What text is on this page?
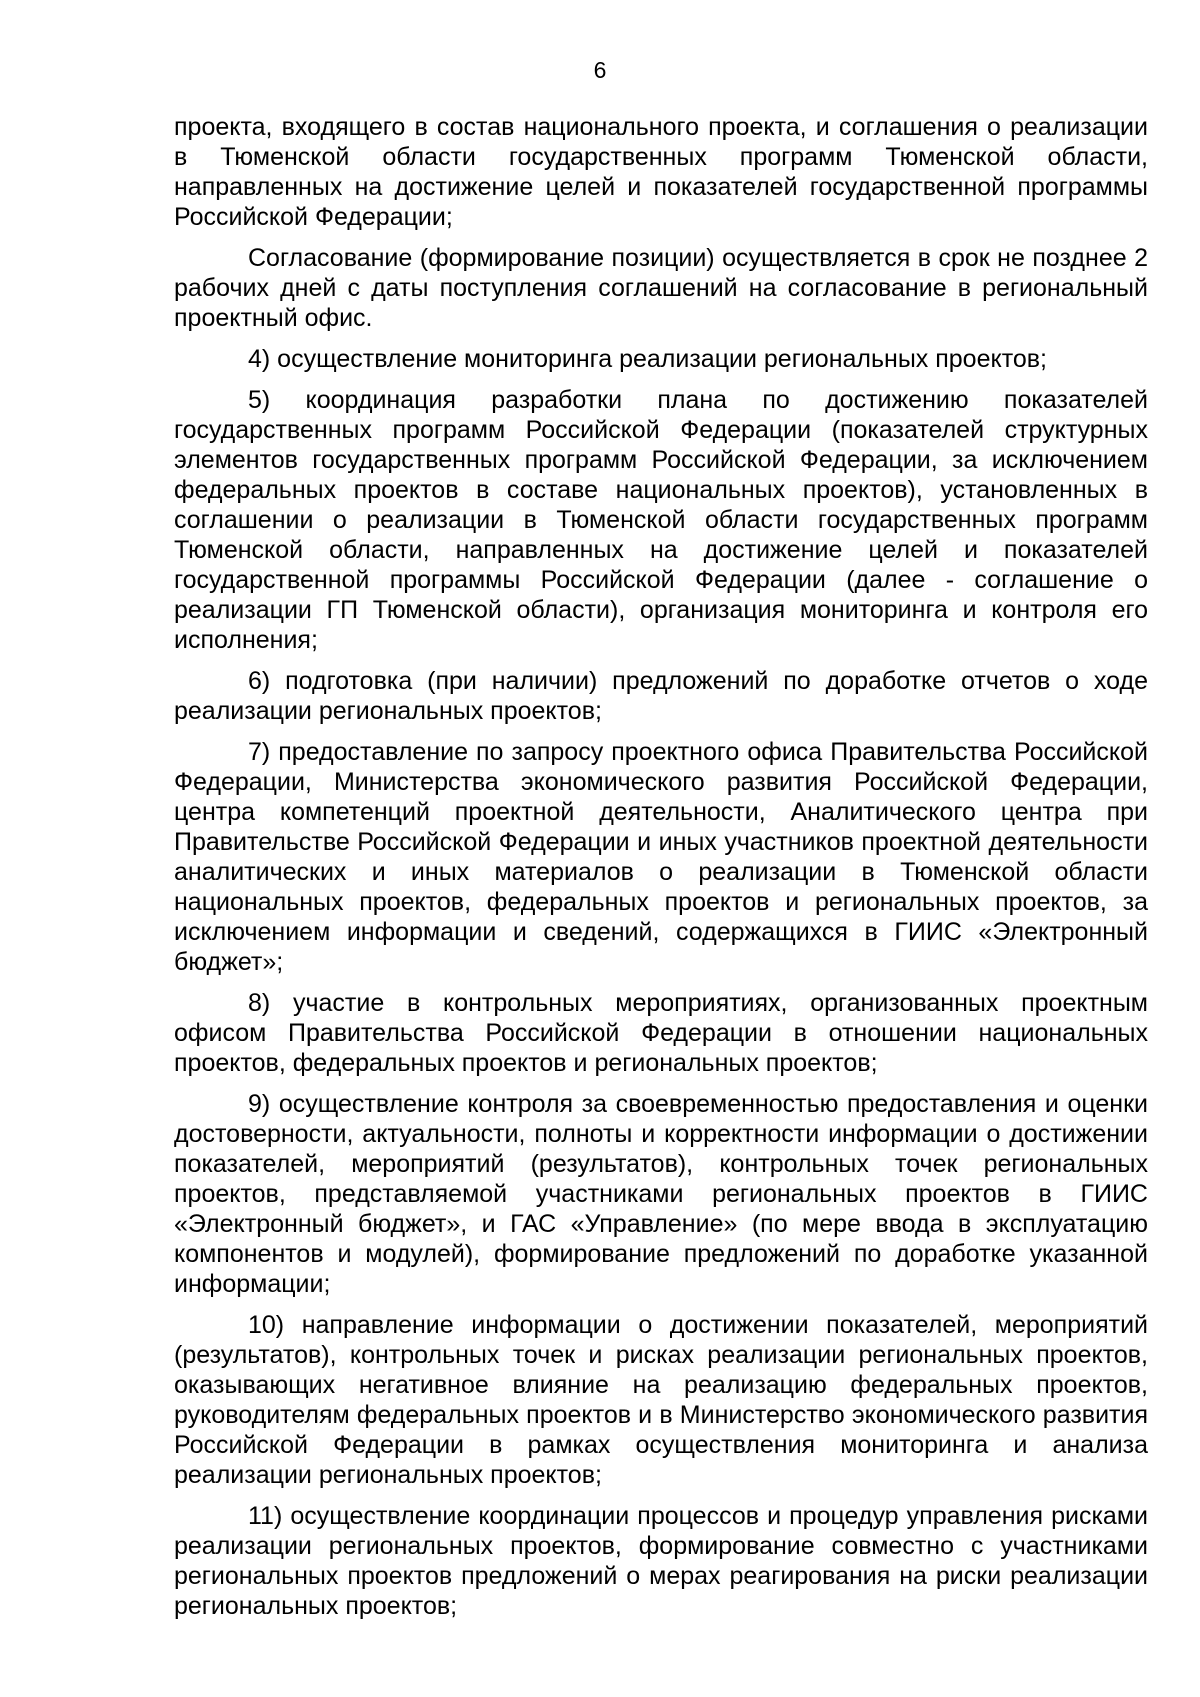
6

проекта, входящего в состав национального проекта, и соглашения о реализации в Тюменской области государственных программ Тюменской области, направленных на достижение целей и показателей государственной программы Российской Федерации;

Согласование (формирование позиции) осуществляется в срок не позднее 2 рабочих дней с даты поступления соглашений на согласование в региональный проектный офис.

4) осуществление мониторинга реализации региональных проектов;

5) координация разработки плана по достижению показателей государственных программ Российской Федерации (показателей структурных элементов государственных программ Российской Федерации, за исключением федеральных проектов в составе национальных проектов), установленных в соглашении о реализации в Тюменской области государственных программ Тюменской области, направленных на достижение целей и показателей государственной программы Российской Федерации (далее - соглашение о реализации ГП Тюменской области), организация мониторинга и контроля его исполнения;

6) подготовка (при наличии) предложений по доработке отчетов о ходе реализации региональных проектов;

7) предоставление по запросу проектного офиса Правительства Российской Федерации, Министерства экономического развития Российской Федерации, центра компетенций проектной деятельности, Аналитического центра при Правительстве Российской Федерации и иных участников проектной деятельности аналитических и иных материалов о реализации в Тюменской области национальных проектов, федеральных проектов и региональных проектов, за исключением информации и сведений, содержащихся в ГИИС «Электронный бюджет»;

8) участие в контрольных мероприятиях, организованных проектным офисом Правительства Российской Федерации в отношении национальных проектов, федеральных проектов и региональных проектов;

9) осуществление контроля за своевременностью предоставления и оценки достоверности, актуальности, полноты и корректности информации о достижении показателей, мероприятий (результатов), контрольных точек региональных проектов, представляемой участниками региональных проектов в ГИИС «Электронный бюджет», и ГАС «Управление» (по мере ввода в эксплуатацию компонентов и модулей), формирование предложений по доработке указанной информации;

10) направление информации о достижении показателей, мероприятий (результатов), контрольных точек и рисках реализации региональных проектов, оказывающих негативное влияние на реализацию федеральных проектов, руководителям федеральных проектов и в Министерство экономического развития Российской Федерации в рамках осуществления мониторинга и анализа реализации региональных проектов;

11) осуществление координации процессов и процедур управления рисками реализации региональных проектов, формирование совместно с участниками региональных проектов предложений о мерах реагирования на риски реализации региональных проектов;
